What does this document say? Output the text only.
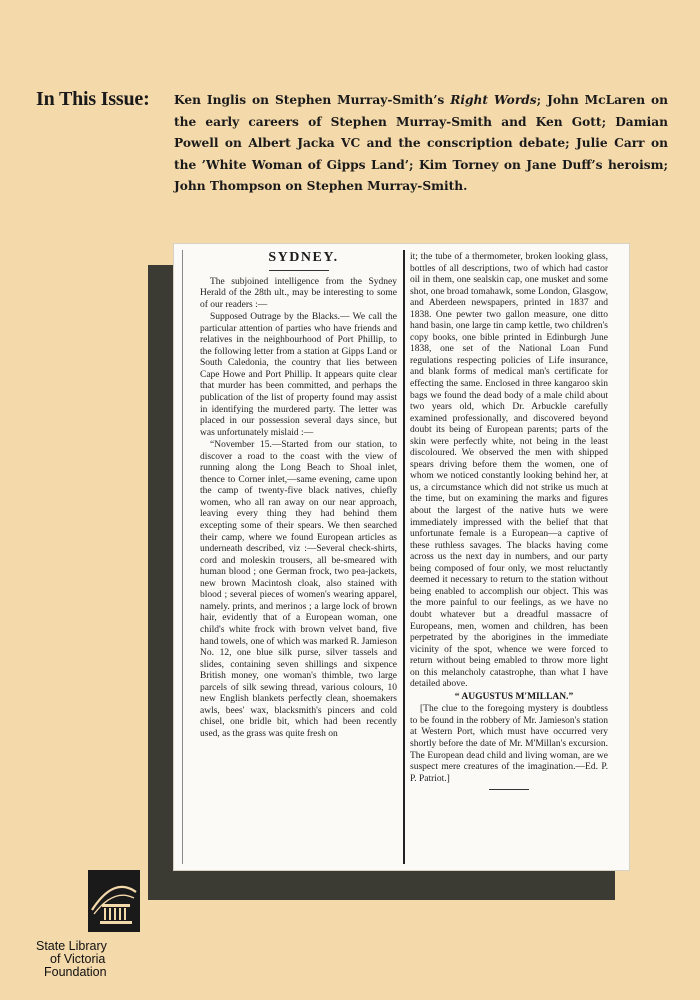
In This Issue: Ken Inglis on Stephen Murray-Smith’s Right Words; John McLaren on the early careers of Stephen Murray-Smith and Ken Gott; Damian Powell on Albert Jacka VC and the conscription debate; Julie Carr on the ’White Woman of Gipps Land’; Kim Torney on Jane Duff’s heroism; John Thompson on Stephen Murray-Smith.

SYDNEY.

The subjoined intelligence from the Sydney Herald of the 28th ult., may be interesting to some of our readers :—

Supposed Outrage by the Blacks.— We call the particular attention of parties who have friends and relatives in the neighbourhood of Port Phillip, to the following letter from a station at Gipps Land or South Caledonia, the country that lies between Cape Howe and Port Phillip. It appears quite clear that murder has been committed, and perhaps the publication of the list of property found may assist in identifying the murdered party. The letter was placed in our possession several days since, but was unfortunately mislaid :—

“November 15.—Started from our station, to discover a road to the coast with the view of running along the Long Beach to Shoal inlet, thence to Corner inlet,—same evening, came upon the camp of twenty-five black natives, chiefly women, who all ran away on our near approach, leaving every thing they had behind them excepting some of their spears. We then searched their camp, where we found European articles as underneath described, viz :—Several check-shirts, cord and moleskin trousers, all be-smeared with human blood ; one German frock, two pea-jackets, new brown Macintosh cloak, also stained with blood ; several pieces of women's wearing apparel, namely. prints, and merinos ; a large lock of brown hair, evidently that of a European woman, one child's white frock with brown velvet band, five hand towels, one of which was marked R. Jamieson No. 12, one blue silk purse, silver tassels and slides, containing seven shillings and sixpence British money, one woman's thimble, two large parcels of silk sewing thread, various colours, 10 new English blankets perfectly clean, shoemakers awls, bees' wax, blacksmith's pincers and cold chisel, one bridle bit, which had been recently used, as the grass was quite fresh on

it; the tube of a thermometer, broken looking glass, bottles of all descriptions, two of which had castor oil in them, one sealskin cap, one musket and some shot, one broad tomahawk, some London, Glasgow, and Aberdeen newspapers, printed in 1837 and 1838. One pewter two gallon measure, one ditto hand basin, one large tin camp kettle, two children's copy books, one bible printed in Edinburgh June 1838, one set of the National Loan Fund regulations respecting policies of Life insurance, and blank forms of medical man's certificate for effecting the same. Enclosed in three kangaroo skin bags we found the dead body of a male child about two years old, which Dr. Arbuckle carefully examined professionally, and discovered beyond doubt its being of European parents; parts of the skin were perfectly white, not being in the least discoloured. We observed the men with shipped spears driving before them the women, one of whom we noticed constantly looking behind her, at us, a circumstance which did not strike us much at the time, but on examining the marks and figures about the largest of the native huts we were immediately impressed with the belief that that unfortunate female is a European—a captive of these ruthless savages. The blacks having come across us the next day in numbers, and our party being composed of four only, we most reluctantly deemed it necessary to return to the station without being enabled to accomplish our object. This was the more painful to our feelings, as we have no doubt whatever but a dreadful massacre of Europeans, men, women and children, has been perpetrated by the aborigines in the immediate vicinity of the spot, whence we were forced to return without being emabled to throw more light on this melancholy catastrophe, than what I have detailed above.

“ AUGUSTUS M'MILLAN.”

[The clue to the foregoing mystery is doubtless to be found in the robbery of Mr. Jamieson's station at Western Port, which must have occurred very shortly before the date of Mr. M'Millan's excursion. The European dead child and living woman, are we suspect mere creatures of the imagination.—Ed. P. P. Patriot.]

State Library
of Victoria
Foundation
